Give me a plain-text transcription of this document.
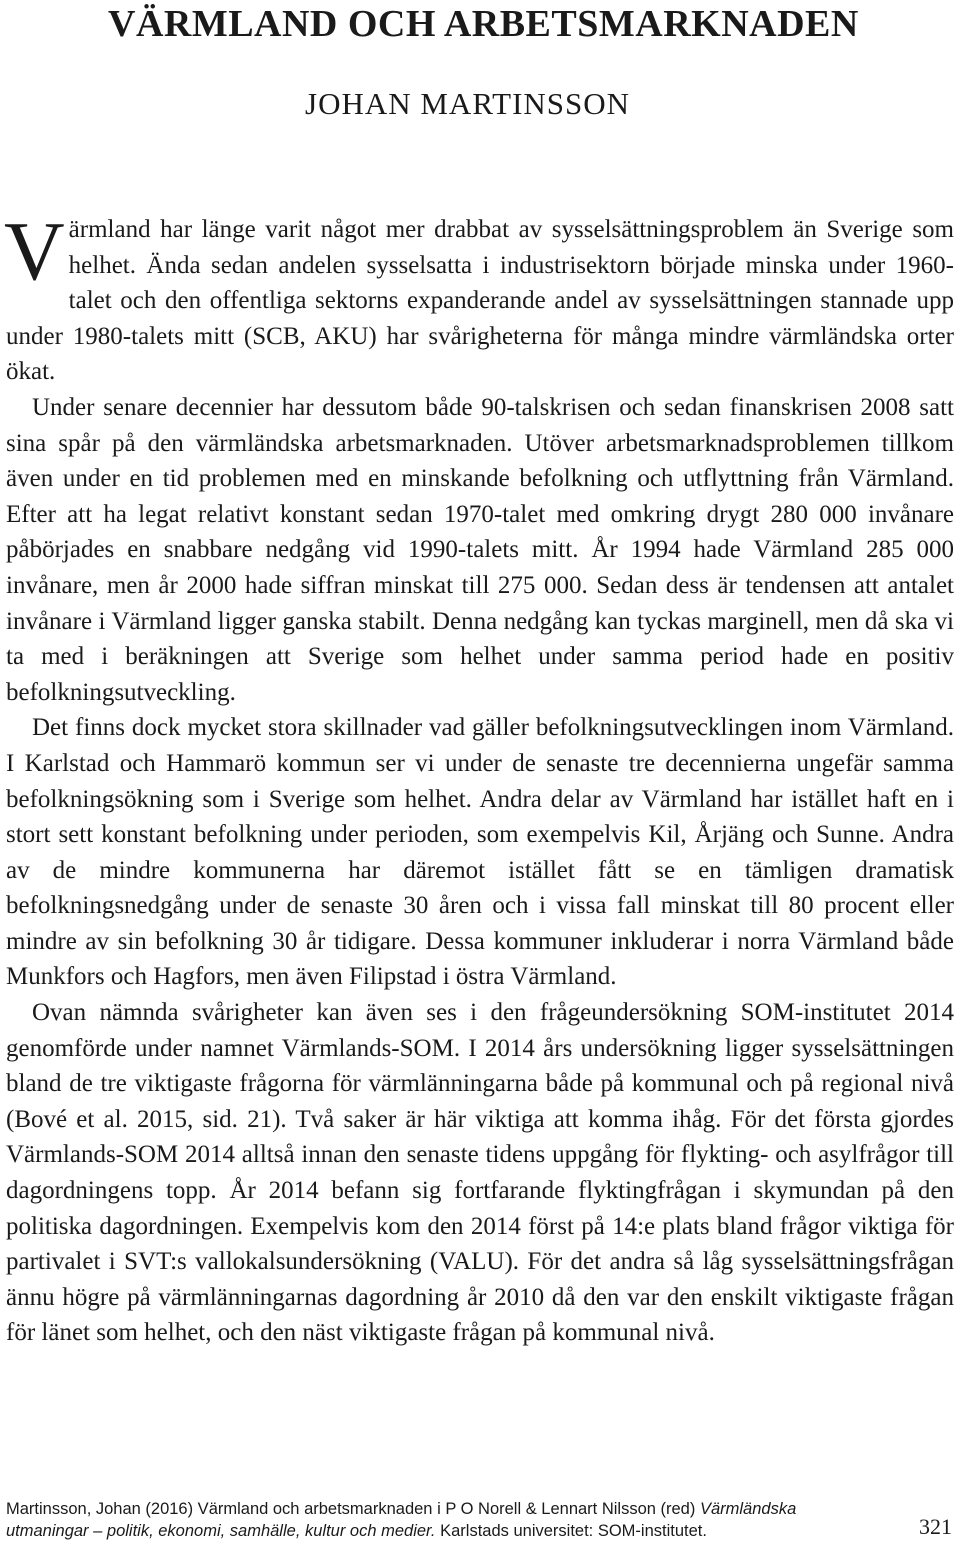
VÄRMLAND OCH ARBETSMARKNADEN
JOHAN MARTINSSON

Värmland har länge varit något mer drabbat av sysselsättningsproblem än Sverige som helhet. Ända sedan andelen sysselsatta i industrisektorn började minska under 1960-talet och den offentliga sektorns expanderande andel av sysselsättningen stannade upp under 1980-talets mitt (SCB, AKU) har svårigheterna för många mindre värmländska orter ökat.

Under senare decennier har dessutom både 90-talskrisen och sedan finanskrisen 2008 satt sina spår på den värmländska arbetsmarknaden. Utöver arbetsmarknadsproblemen tillkom även under en tid problemen med en minskande befolkning och utflyttning från Värmland. Efter att ha legat relativt konstant sedan 1970-talet med omkring drygt 280 000 invånare påbörjades en snabbare nedgång vid 1990-talets mitt. År 1994 hade Värmland 285 000 invånare, men år 2000 hade siffran minskat till 275 000. Sedan dess är tendensen att antalet invånare i Värmland ligger ganska stabilt. Denna nedgång kan tyckas marginell, men då ska vi ta med i beräkningen att Sverige som helhet under samma period hade en positiv befolkningsutveckling.

Det finns dock mycket stora skillnader vad gäller befolkningsutvecklingen inom Värmland. I Karlstad och Hammarö kommun ser vi under de senaste tre decennierna ungefär samma befolkningsökning som i Sverige som helhet. Andra delar av Värmland har istället haft en i stort sett konstant befolkning under perioden, som exempelvis Kil, Årjäng och Sunne. Andra av de mindre kommunerna har däremot istället fått se en tämligen dramatisk befolkningsnedgång under de senaste 30 åren och i vissa fall minskat till 80 procent eller mindre av sin befolkning 30 år tidigare. Dessa kommuner inkluderar i norra Värmland både Munkfors och Hagfors, men även Filipstad i östra Värmland.

Ovan nämnda svårigheter kan även ses i den frågeundersökning SOM-institutet 2014 genomförde under namnet Värmlands-SOM. I 2014 års undersökning ligger sysselsättningen bland de tre viktigaste frågorna för värmlänningarna både på kommunal och på regional nivå (Bové et al. 2015, sid. 21). Två saker är här viktiga att komma ihåg. För det första gjordes Värmlands-SOM 2014 alltså innan den senaste tidens uppgång för flykting- och asylfrågor till dagordningens topp. År 2014 befann sig fortfarande flyktingfrågan i skymundan på den politiska dagordningen. Exempelvis kom den 2014 först på 14:e plats bland frågor viktiga för partivalet i SVT:s vallokalsundersökning (VALU). För det andra så låg sysselsättningsfrågan ännu högre på värmlänningarnas dagordning år 2010 då den var den enskilt viktigaste frågan för länet som helhet, och den näst viktigaste frågan på kommunal nivå.

Martinsson, Johan (2016) Värmland och arbetsmarknaden i P O Norell & Lennart Nilsson (red) Värmländska
utmaningar – politik, ekonomi, samhälle, kultur och medier. Karlstads universitet: SOM-institutet.	321
